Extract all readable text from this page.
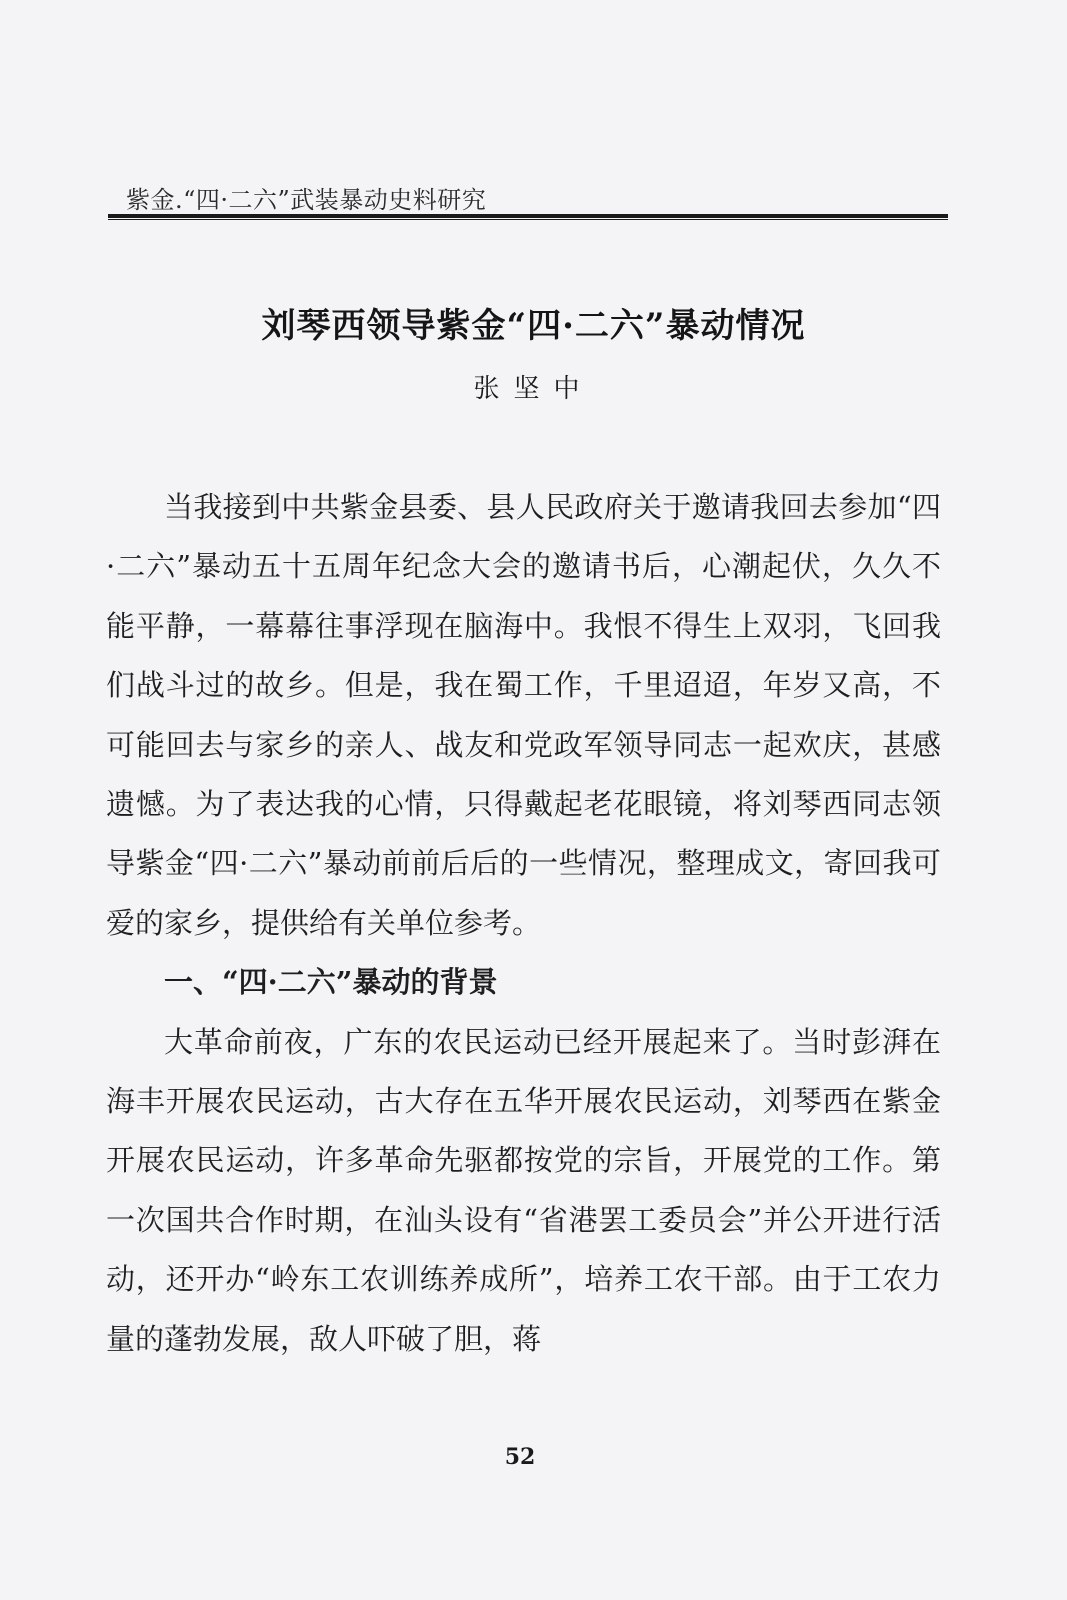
紫金.“四·二六”武装暴动史料研究
刘琴西领导紫金“四·二六”暴动情况
张坚中

当我接到中共紫金县委、县人民政府关于邀请我回去参加“四·二六”暴动五十五周年纪念大会的邀请书后，心潮起伏，久久不能平静，一幕幕往事浮现在脑海中。我恨不得生上双羽，飞回我们战斗过的故乡。但是，我在蜀工作，千里迢迢，年岁又高，不可能回去与家乡的亲人、战友和党政军领导同志一起欢庆，甚感遗憾。为了表达我的心情，只得戴起老花眼镜，将刘琴西同志领导紫金“四·二六”暴动前前后后的一些情况，整理成文，寄回我可爱的家乡，提供给有关单位参考。

一、“四·二六”暴动的背景

大革命前夜，广东的农民运动已经开展起来了。当时彭湃在海丰开展农民运动，古大存在五华开展农民运动，刘琴西在紫金开展农民运动，许多革命先驱都按党的宗旨，开展党的工作。第一次国共合作时期，在汕头设有“省港罢工委员会”并公开进行活动，还开办“岭东工农训练养成所”，培养工农干部。由于工农力量的蓬勃发展，敌人吓破了胆，蒋

52
